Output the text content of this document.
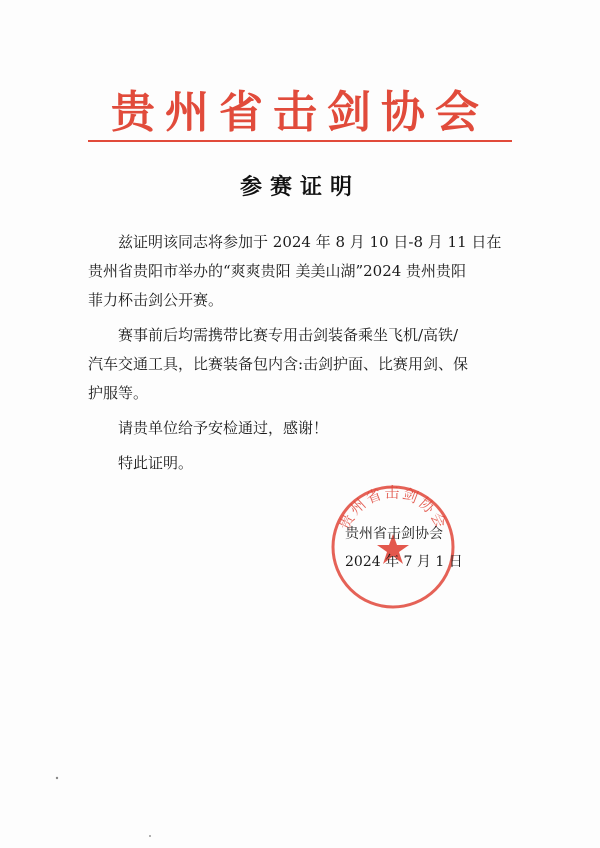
贵州省击剑协会
参赛证明

兹证明该同志将参加于 2024 年 8 月 10 日-8 月 11 日在
贵州省贵阳市举办的“爽爽贵阳 美美山湖”2024 贵州贵阳
菲力杯击剑公开赛。

赛事前后均需携带比赛专用击剑装备乘坐飞机/高铁/
汽车交通工具，比赛装备包内含:击剑护面、比赛用剑、保
护服等。

请贵单位给予安检通过，感谢！

特此证明。

贵州省击剑协会
贵州省击剑协会
2024 年 7 月 1 日
